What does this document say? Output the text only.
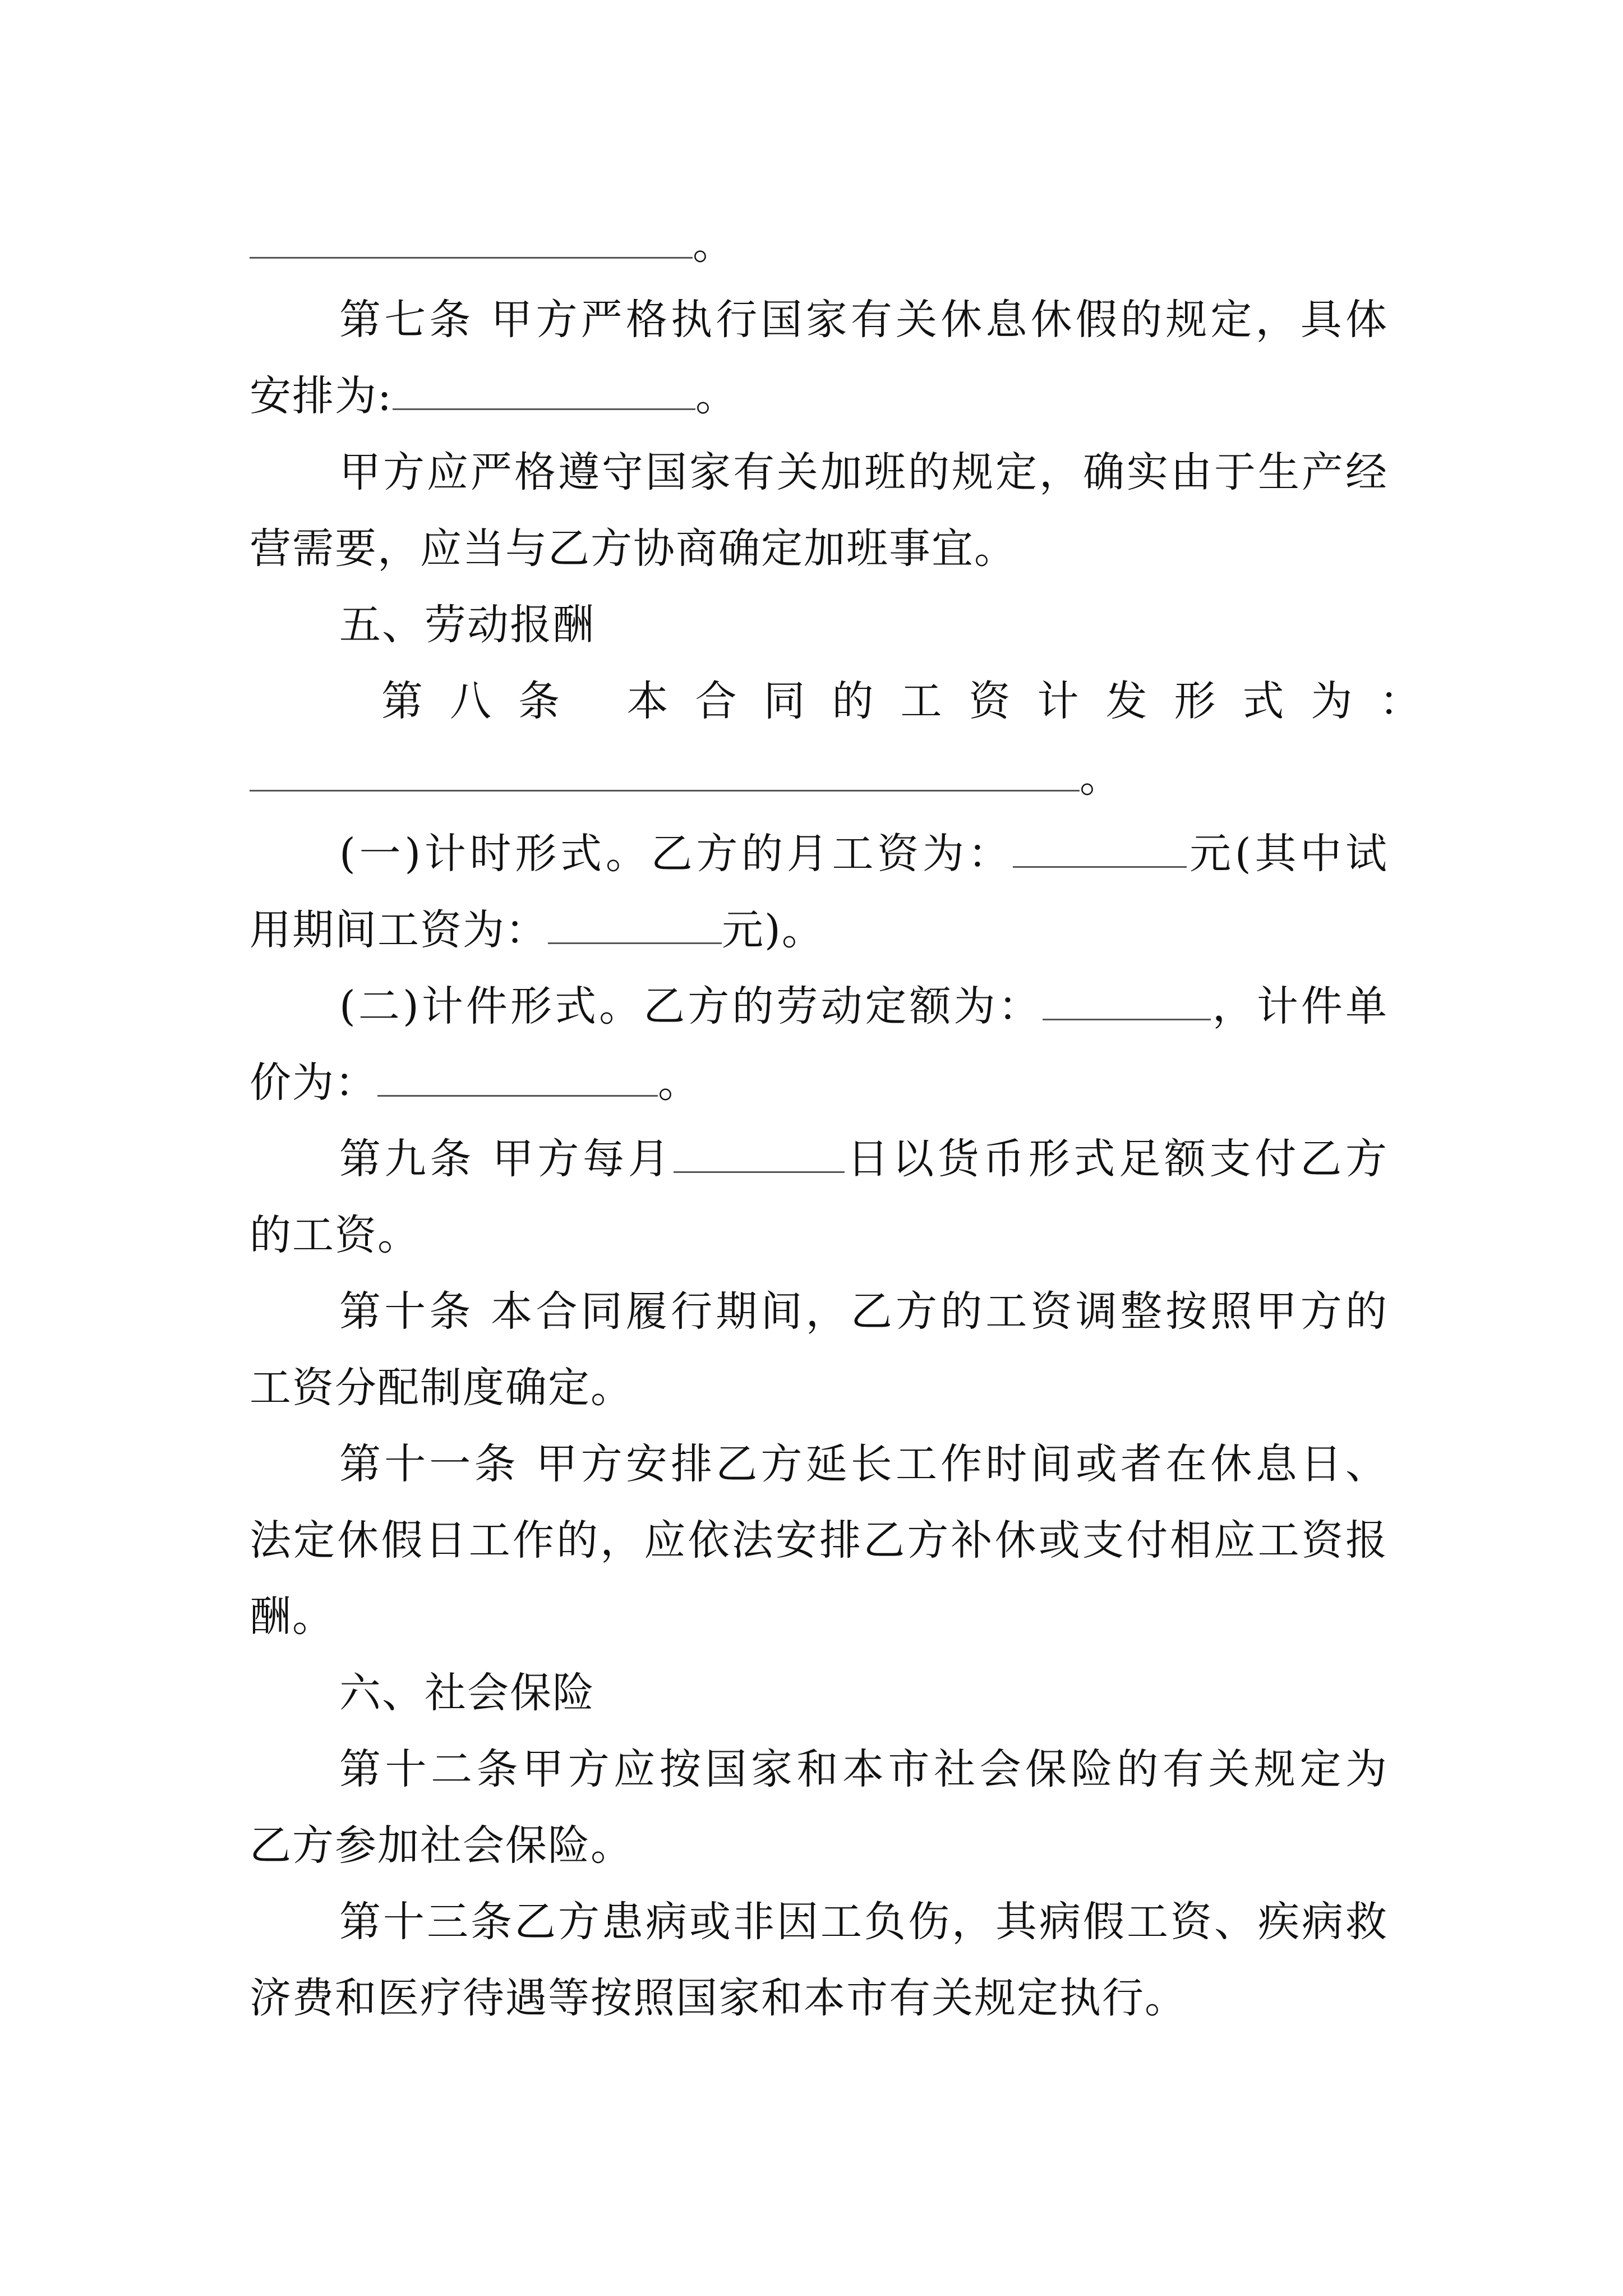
。
第七条 甲方严格执行国家有关休息休假的规定，具体
安排为:	。
甲方应严格遵守国家有关加班的规定，确实由于生产经
营需要，应当与乙方协商确定加班事宜。
五、劳动报酬
第八条 本合同的工资计发形式为：
。
(一)计时形式。乙方的月工资为：	元(其中试
用期间工资为：	元)。
(二)计件形式。乙方的劳动定额为：	，计件单
价为：	。
第九条 甲方每月	日以货币形式足额支付乙方
的工资。
第十条 本合同履行期间，乙方的工资调整按照甲方的
工资分配制度确定。
第十一条 甲方安排乙方延长工作时间或者在休息日、
法定休假日工作的，应依法安排乙方补休或支付相应工资报
酬。
六、社会保险
第十二条甲方应按国家和本市社会保险的有关规定为
乙方参加社会保险。
第十三条乙方患病或非因工负伤，其病假工资、疾病救
济费和医疗待遇等按照国家和本市有关规定执行。
